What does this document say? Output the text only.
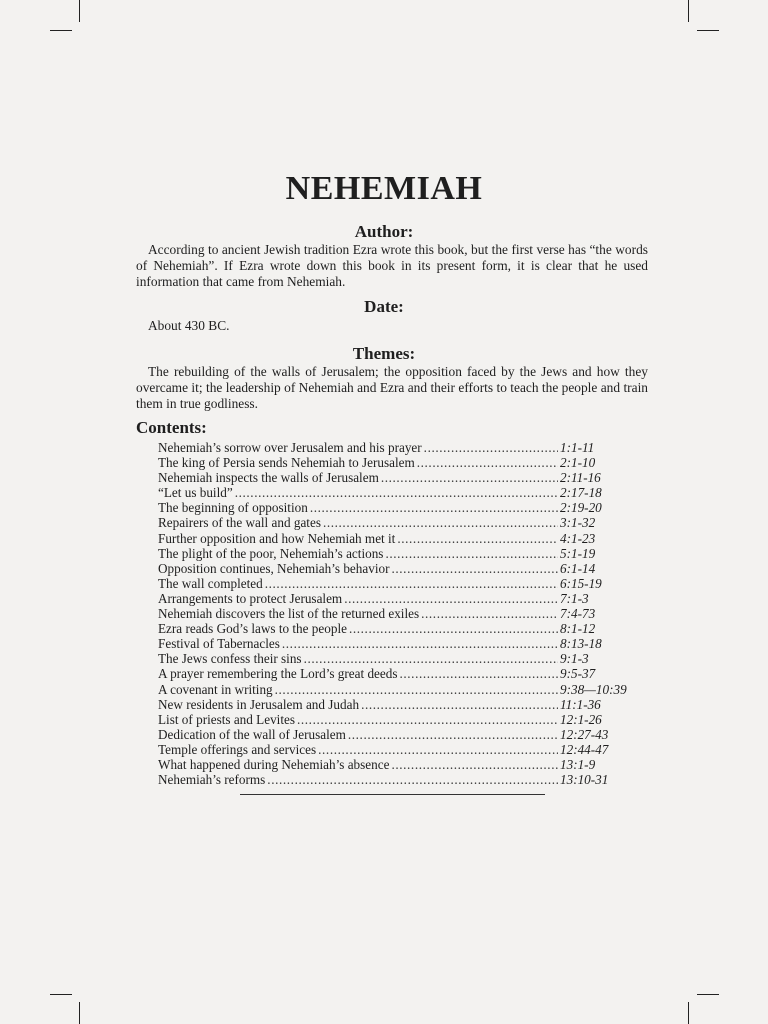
NEHEMIAH
Author:

According to ancient Jewish tradition Ezra wrote this book, but the first verse has “the words of Nehemiah”. If Ezra wrote down this book in its present form, it is clear that he used information that came from Nehemiah.

Date:

About 430 BC.

Themes:

The rebuilding of the walls of Jerusalem; the opposition faced by the Jews and how they overcame it; the leadership of Nehemiah and Ezra and their efforts to teach the people and train them in true godliness.

Contents:
Nehemiah’s sorrow over Jerusalem and his prayer .....	1:1-11
The king of Persia sends Nehemiah to Jerusalem .....	2:1-10
Nehemiah inspects the walls of Jerusalem .....	2:11-16
“Let us build” .....	2:17-18
The beginning of opposition .....	2:19-20
Repairers of the wall and gates .....	3:1-32
Further opposition and how Nehemiah met it .....	4:1-23
The plight of the poor, Nehemiah’s actions .....	5:1-19
Opposition continues, Nehemiah’s behavior .....	6:1-14
The wall completed .....	6:15-19
Arrangements to protect Jerusalem .....	7:1-3
Nehemiah discovers the list of the returned exiles .....	7:4-73
Ezra reads God’s laws to the people .....	8:1-12
Festival of Tabernacles .....	8:13-18
The Jews confess their sins .....	9:1-3
A prayer remembering the Lord’s great deeds .....	9:5-37
A covenant in writing .....	9:38—10:39
New residents in Jerusalem and Judah .....	11:1-36
List of priests and Levites .....	12:1-26
Dedication of the wall of Jerusalem .....	12:27-43
Temple offerings and services .....	12:44-47
What happened during Nehemiah’s absence .....	13:1-9
Nehemiah’s reforms .....	13:10-31
